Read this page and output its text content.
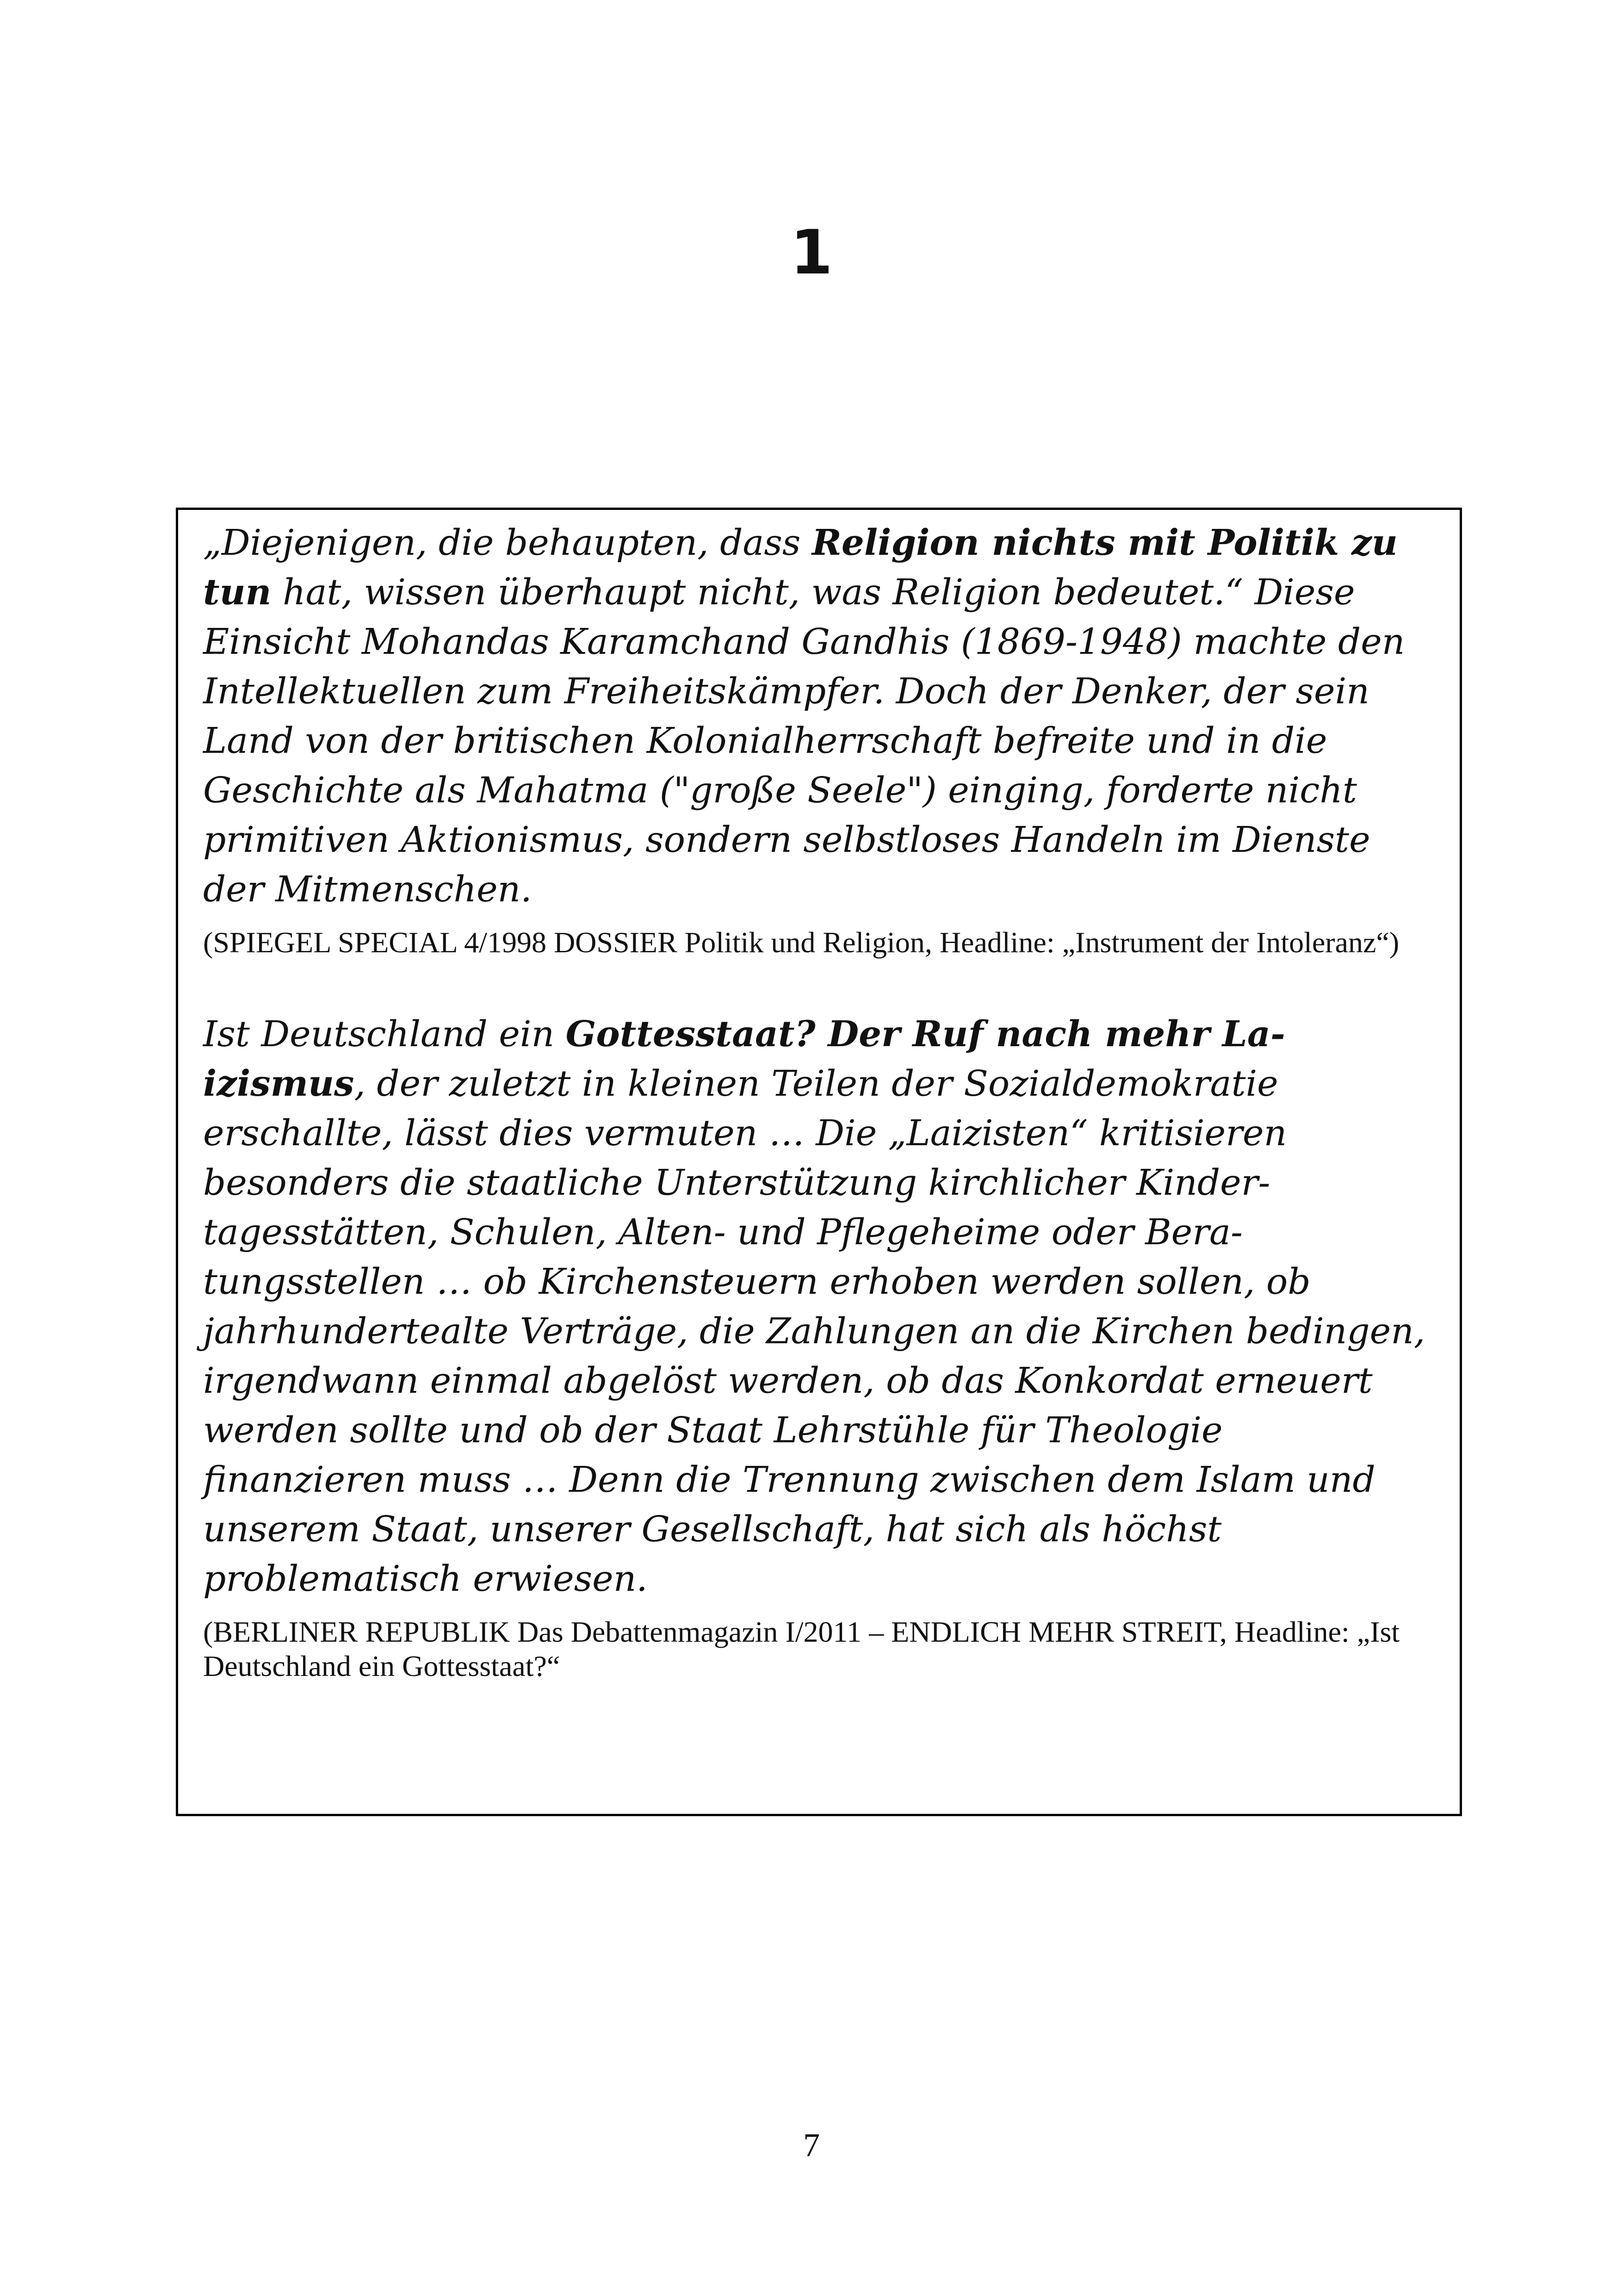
1

„Diejenigen, die behaupten, dass Religion nichts mit Politik zu tun hat, wissen überhaupt nicht, was Religion bedeutet.“ Diese Einsicht Mohandas Karamchand Gandhis (1869-1948) machte den Intellektuellen zum Freiheitskämpfer. Doch der Denker, der sein Land von der britischen Kolonialherrschaft befreite und in die Geschichte als Mahatma ("große Seele") einging, forderte nicht primitiven Aktionismus, sondern selbstloses Handeln im Dienste der Mitmenschen.

(SPIEGEL SPECIAL 4/1998 DOSSIER Politik und Religion, Headline: „Instrument der Intoleranz“)

Ist Deutschland ein Gottesstaat? Der Ruf nach mehr Laizismus, der zuletzt in kleinen Teilen der Sozialdemokratie erschallte, lässt dies vermuten … Die „Laizisten“ kritisieren besonders die staatliche Unterstützung kirchlicher Kindertagesstätten, Schulen, Alten- und Pflegeheime oder Beratungsstellen … ob Kirchensteuern erhoben werden sollen, ob jahrhundertealte Verträge, die Zahlungen an die Kirchen bedingen, irgendwann einmal abgelöst werden, ob das Konkordat erneuert werden sollte und ob der Staat Lehrstühle für Theologie finanzieren muss … Denn die Trennung zwischen dem Islam und unserem Staat, unserer Gesellschaft, hat sich als höchst problematisch erwiesen.

(BERLINER REPUBLIK Das Debattenmagazin I/2011 – ENDLICH MEHR STREIT, Headline: „Ist Deutschland ein Gottesstaat?“

7
